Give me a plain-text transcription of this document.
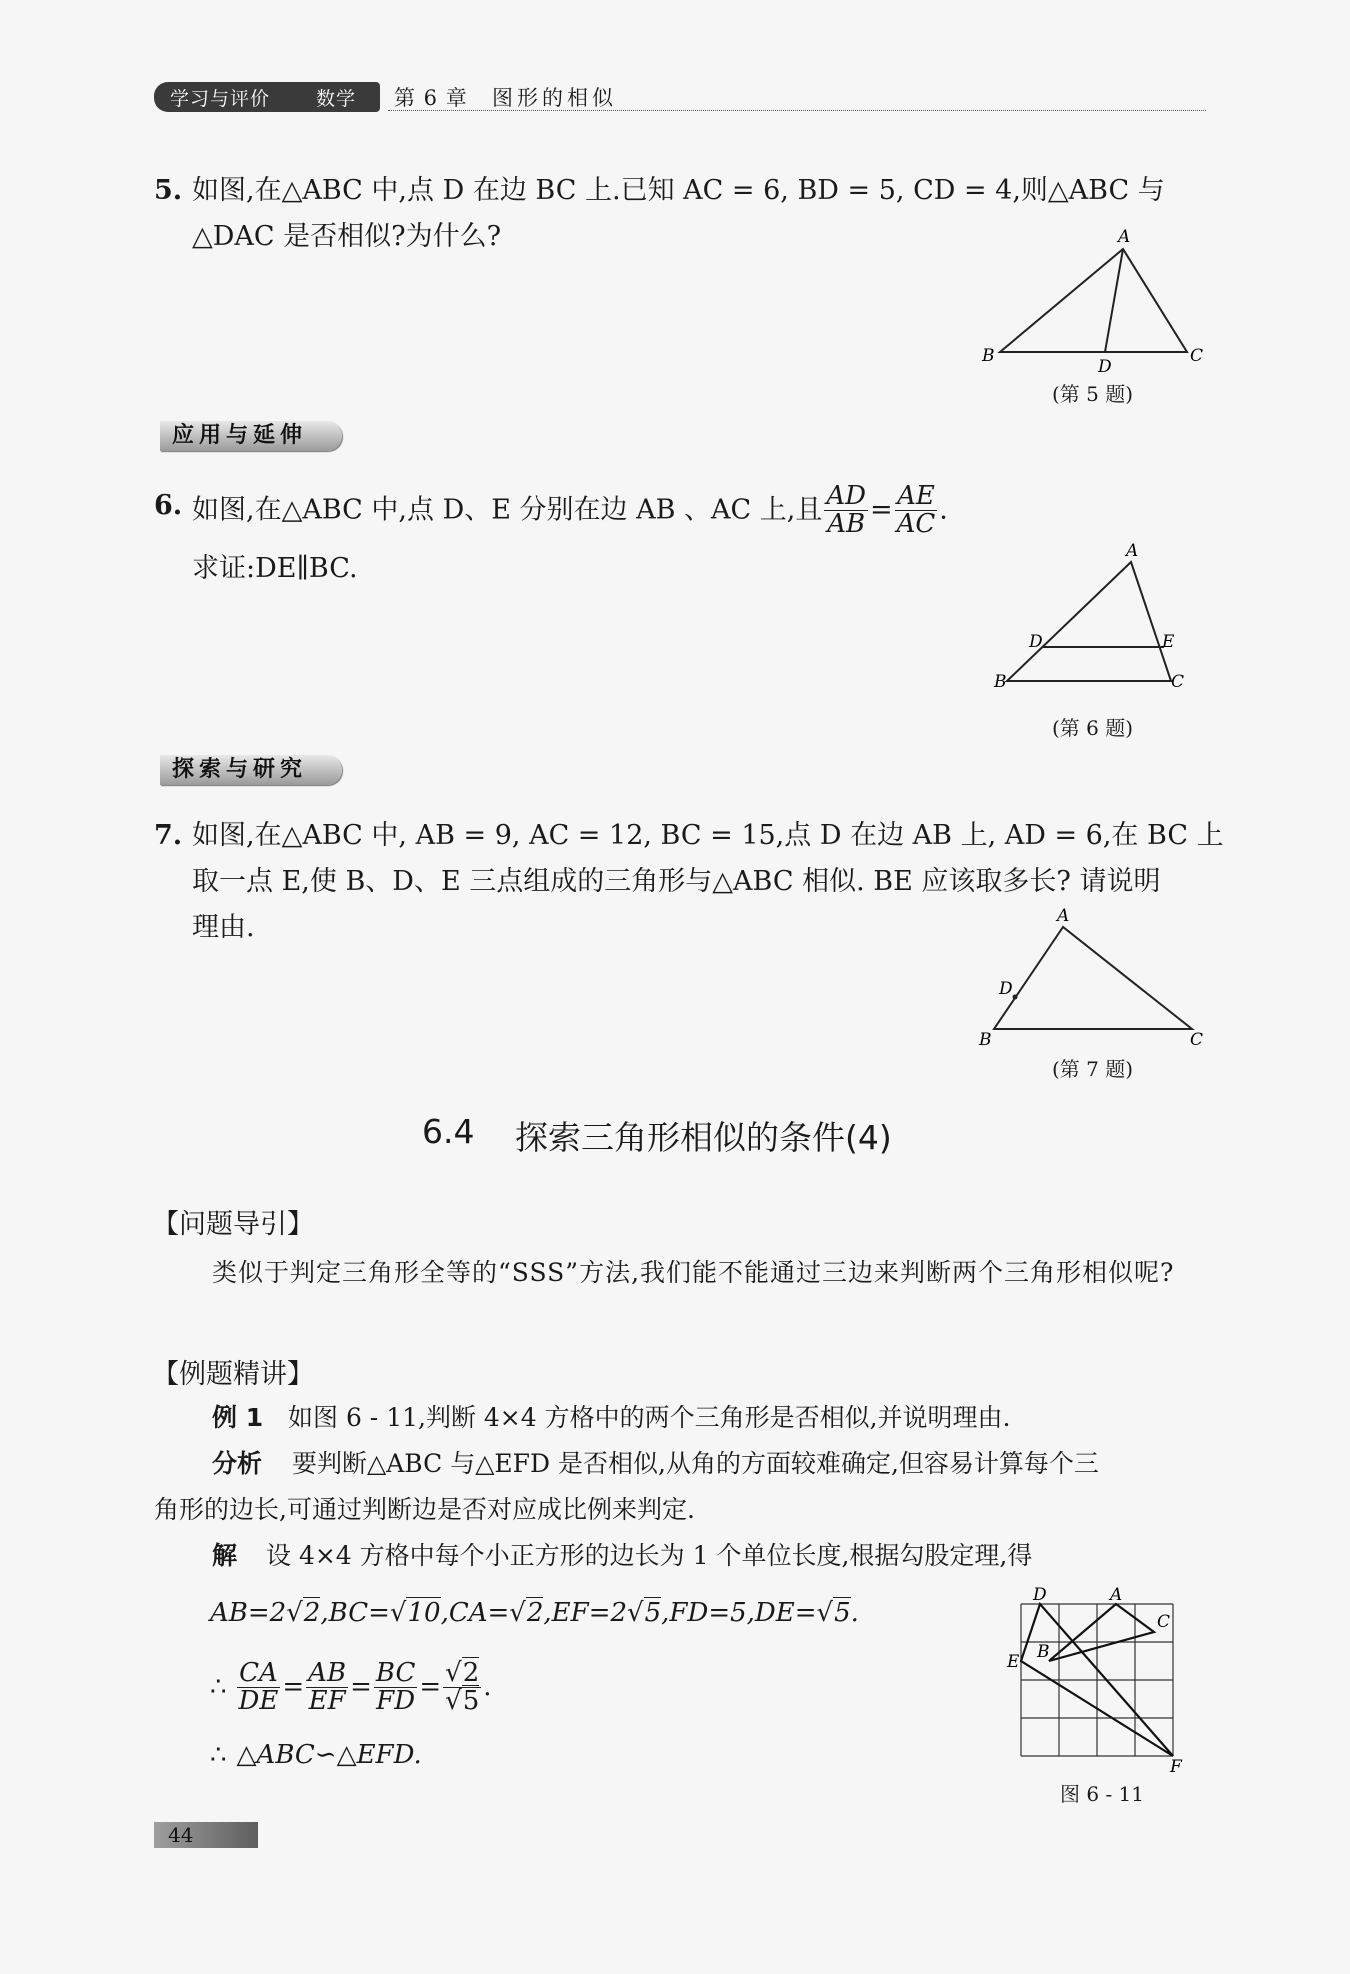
学习与评价 数学 第 6 章 图形的相似
5. 如图,在△ABC 中,点 D 在边 BC 上.已知 AC = 6, BD = 5, CD = 4,则△ABC 与
△DAC 是否相似?为什么?	A
B	C
D
(第 5 题)
应用与延伸
6. 如图,在△ABC 中,点 D、E 分别在边 AB 、AC 上,且 $\frac{AD}{AB} = \frac{AE}{AC}$ .
求证:DE∥BC.
A
D	E
B	C
(第 6 题)
探索与研究
7. 如图,在△ABC 中, AB = 9, AC = 12, BC = 15,点 D 在边 AB 上, AD = 6,在 BC 上
取一点 E,使 B、D、E 三点组成的三角形与△ABC 相似. BE 应该取多长? 请说明
理由.	A
D
B	C
(第 7 题)
6.4 探索三角形相似的条件(4)
【问题导引】
类似于判定三角形全等的“SSS”方法,我们能不能通过三边来判断两个三角形相似呢?
【例题精讲】
例 1 如图 6 - 11,判断 4×4 方格中的两个三角形是否相似,并说明理由.
分析 要判断△ABC 与△EFD 是否相似,从角的方面较难确定,但容易计算每个三
角形的边长,可通过判断边是否对应成比例来判定.
解 设 4×4 方格中每个小正方形的边长为 1 个单位长度,根据勾股定理,得
AB=2√2,BC=√10,CA=√2,EF=2√5,FD=5,DE=√5.
∴ $\frac{CA}{DE} = \frac{AB}{EF} = \frac{BC}{FD} = \frac{√2}{√5}$ .
∴ △ABC∽△EFD.
D	A
C
B
E
F
图 6 - 11
44
